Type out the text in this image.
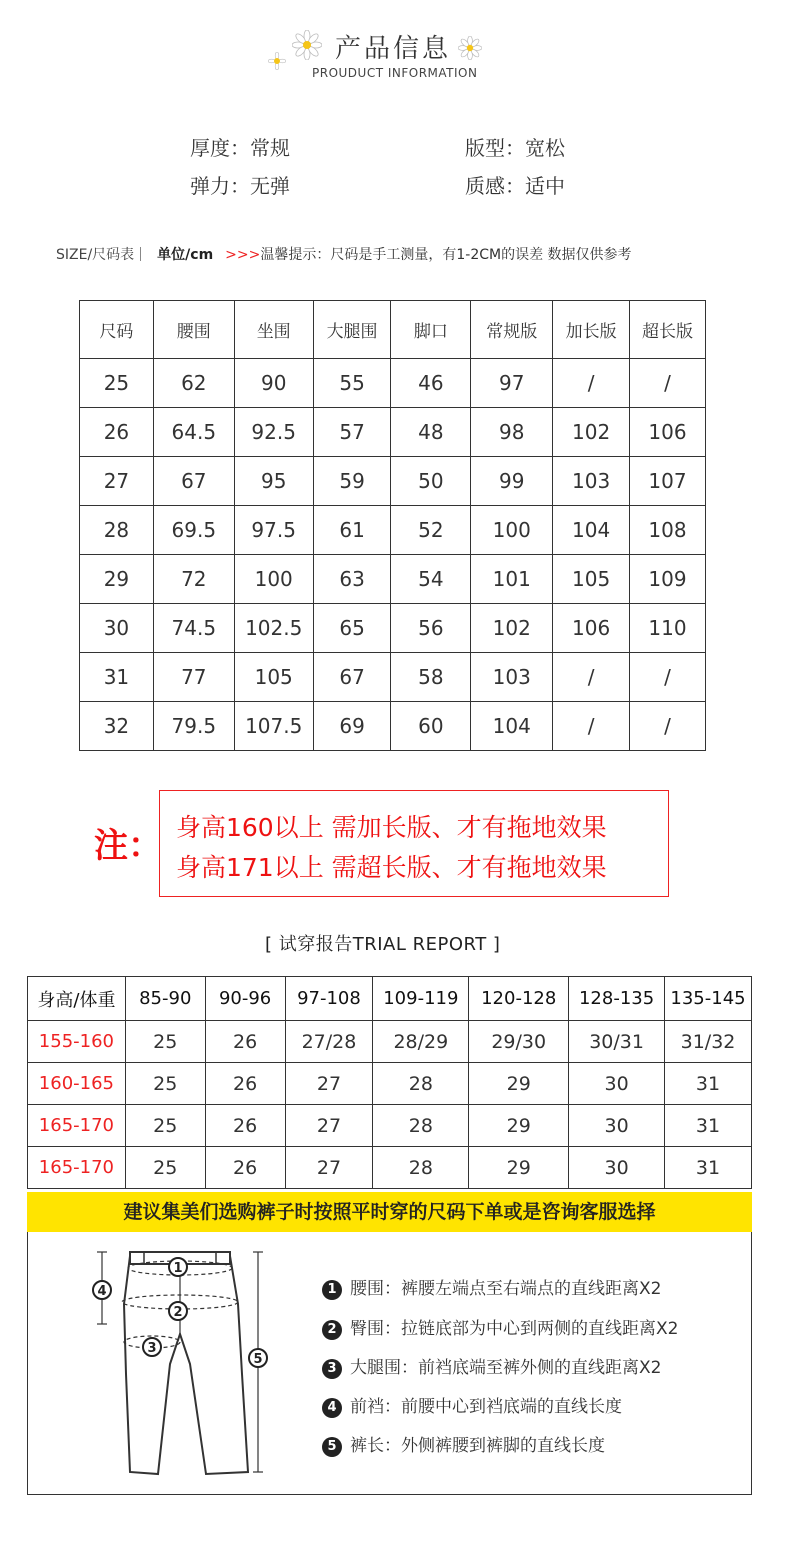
产品信息
PROUDUCT INFORMATION
厚度：常规	版型：宽松
弹力：无弹	质感：适中
SIZE/尺码表 单位/cm >>>温馨提示：尺码是手工测量，有1-2CM的误差 数据仅供参考
尺码	腰围	坐围	大腿围	脚口	常规版	加长版	超长版
25	62	90	55	46	97	/	/
26	64.5	92.5	57	48	98	102	106
27	67	95	59	50	99	103	107
28	69.5	97.5	61	52	100	104	108
29	72	100	63	54	101	105	109
30	74.5	102.5	65	56	102	106	110
31	77	105	67	58	103	/	/
32	79.5	107.5	69	60	104	/	/
注： 身高160以上 需加长版、才有拖地效果
身高171以上 需超长版、才有拖地效果
[ 试穿报告TRIAL REPORT ]
身高/体重	85-90	90-96	97-108	109-119	120-128	128-135	135-145
155-160	25	26	27/28	28/29	29/30	30/31	31/32
160-165	25	26	27	28	29	30	31
165-170	25	26	27	28	29	30	31
165-170	25	26	27	28	29	30	31
建议集美们选购裤子时按照平时穿的尺码下单或是咨询客服选择
1
2
3
4
5
1 腰围：裤腰左端点至右端点的直线距离X2
2 臀围：拉链底部为中心到两侧的直线距离X2
3 大腿围：前裆底端至裤外侧的直线距离X2
4 前裆：前腰中心到裆底端的直线长度
5 裤长：外侧裤腰到裤脚的直线长度
